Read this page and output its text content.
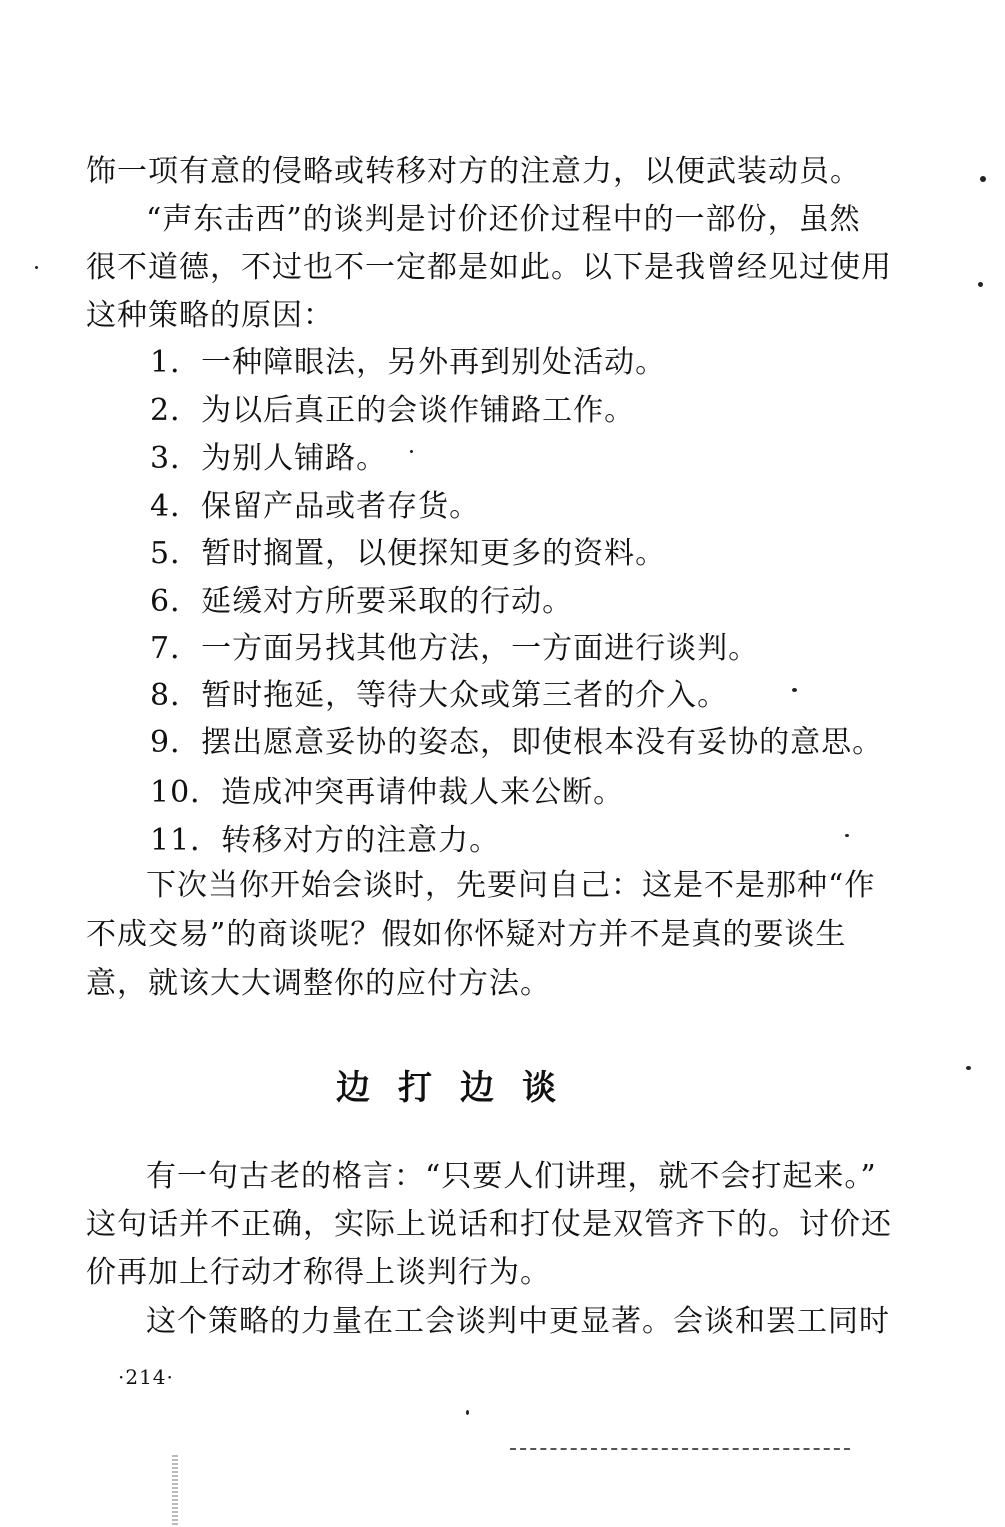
饰一项有意的侵略或转移对方的注意力，以便武装动员。
“声东击西”的谈判是讨价还价过程中的一部份，虽然
很不道德，不过也不一定都是如此。以下是我曾经见过使用
这种策略的原因：
1．一种障眼法，另外再到别处活动。
2．为以后真正的会谈作铺路工作。
3．为别人铺路。
4．保留产品或者存货。
5．暂时搁置，以便探知更多的资料。
6．延缓对方所要采取的行动。
7．一方面另找其他方法，一方面进行谈判。
8．暂时拖延，等待大众或第三者的介入。
9．摆出愿意妥协的姿态，即使根本没有妥协的意思。
10．造成冲突再请仲裁人来公断。
11．转移对方的注意力。
下次当你开始会谈时，先要问自己：这是不是那种“作
不成交易”的商谈呢？假如你怀疑对方并不是真的要谈生
意，就该大大调整你的应付方法。
边打边谈
有一句古老的格言：“只要人们讲理，就不会打起来。”
这句话并不正确，实际上说话和打仗是双管齐下的。讨价还
价再加上行动才称得上谈判行为。
这个策略的力量在工会谈判中更显著。会谈和罢工同时
·214·
